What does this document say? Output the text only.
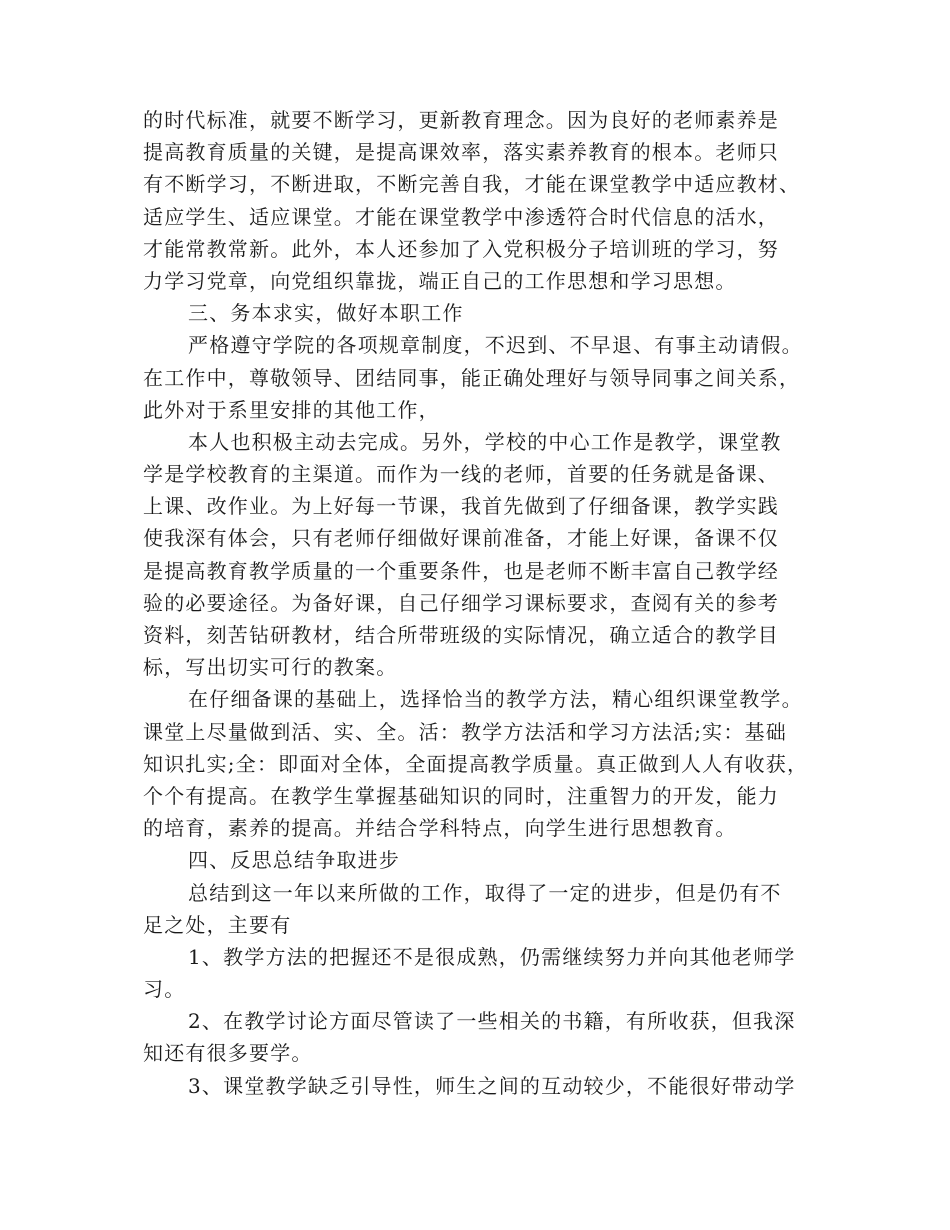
的时代标准，就要不断学习，更新教育理念。因为良好的老师素养是
提高教育质量的关键，是提高课效率，落实素养教育的根本。老师只
有不断学习，不断进取，不断完善自我，才能在课堂教学中适应教材、
适应学生、适应课堂。才能在课堂教学中渗透符合时代信息的活水，
才能常教常新。此外，本人还参加了入党积极分子培训班的学习，努
力学习党章，向党组织靠拢，端正自己的工作思想和学习思想。
三、务本求实，做好本职工作
严格遵守学院的各项规章制度，不迟到、不早退、有事主动请假。
在工作中，尊敬领导、团结同事，能正确处理好与领导同事之间关系，
此外对于系里安排的其他工作，
本人也积极主动去完成。另外，学校的中心工作是教学，课堂教
学是学校教育的主渠道。而作为一线的老师，首要的任务就是备课、
上课、改作业。为上好每一节课，我首先做到了仔细备课，教学实践
使我深有体会，只有老师仔细做好课前准备，才能上好课，备课不仅
是提高教育教学质量的一个重要条件，也是老师不断丰富自己教学经
验的必要途径。为备好课，自己仔细学习课标要求，查阅有关的参考
资料，刻苦钻研教材，结合所带班级的实际情况，确立适合的教学目
标，写出切实可行的教案。
在仔细备课的基础上，选择恰当的教学方法，精心组织课堂教学。
课堂上尽量做到活、实、全。活：教学方法活和学习方法活;实：基础
知识扎实;全：即面对全体，全面提高教学质量。真正做到人人有收获，
个个有提高。在教学生掌握基础知识的同时，注重智力的开发，能力
的培育，素养的提高。并结合学科特点，向学生进行思想教育。
四、反思总结争取进步
总结到这一年以来所做的工作，取得了一定的进步，但是仍有不
足之处，主要有
1、教学方法的把握还不是很成熟，仍需继续努力并向其他老师学
习。
2、在教学讨论方面尽管读了一些相关的书籍，有所收获，但我深
知还有很多要学。
3、课堂教学缺乏引导性，师生之间的互动较少，不能很好带动学
